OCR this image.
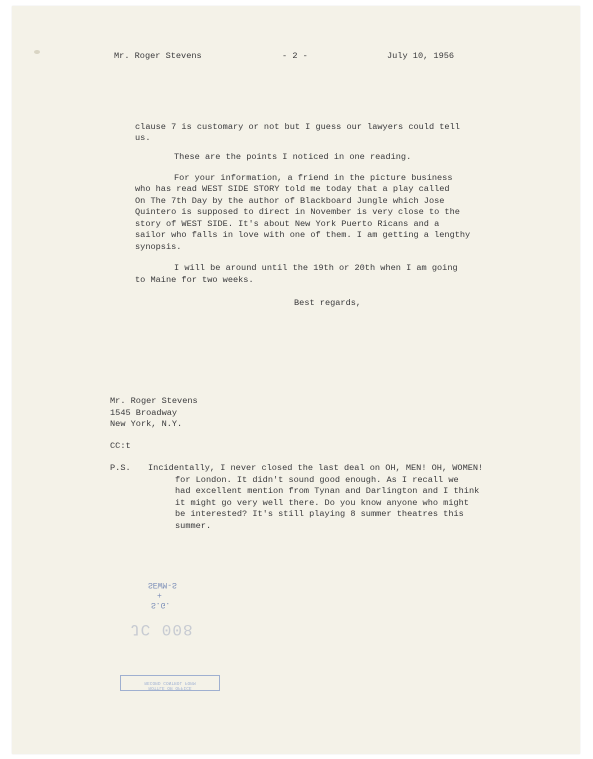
Mr. Roger Stevens	- 2 -	July 10, 1956
clause 7 is customary or not but I guess our lawyers could tell
us.
These are the points I noticed in one reading.
For your information, a friend in the picture business
who has read WEST SIDE STORY told me today that a play called
On The 7th Day by the author of Blackboard Jungle which Jose
Quintero is supposed to direct in November is very close to the
story of WEST SIDE. It's about New York Puerto Ricans and a
sailor who falls in love with one of them. I am getting a lengthy
synopsis.
I will be around until the 19th or 20th when I am going
to Maine for two weeks.
Best regards,
Mr. Roger Stevens
1545 Broadway
New York, N.Y.
CC:t
P.S. Incidentally, I never closed the last deal on OH, MEN! OH, WOMEN!
for London. It didn't sound good enough. As I recall we
had excellent mention from Tynan and Darlington and I think
it might go very well there. Do you know anyone who might
be interested? It's still playing 8 summer theatres this
summer.
SEWM-S
+
S.G.
JC 008
ROTTLE OR OFFICE
RECORD CONTROL FORM
